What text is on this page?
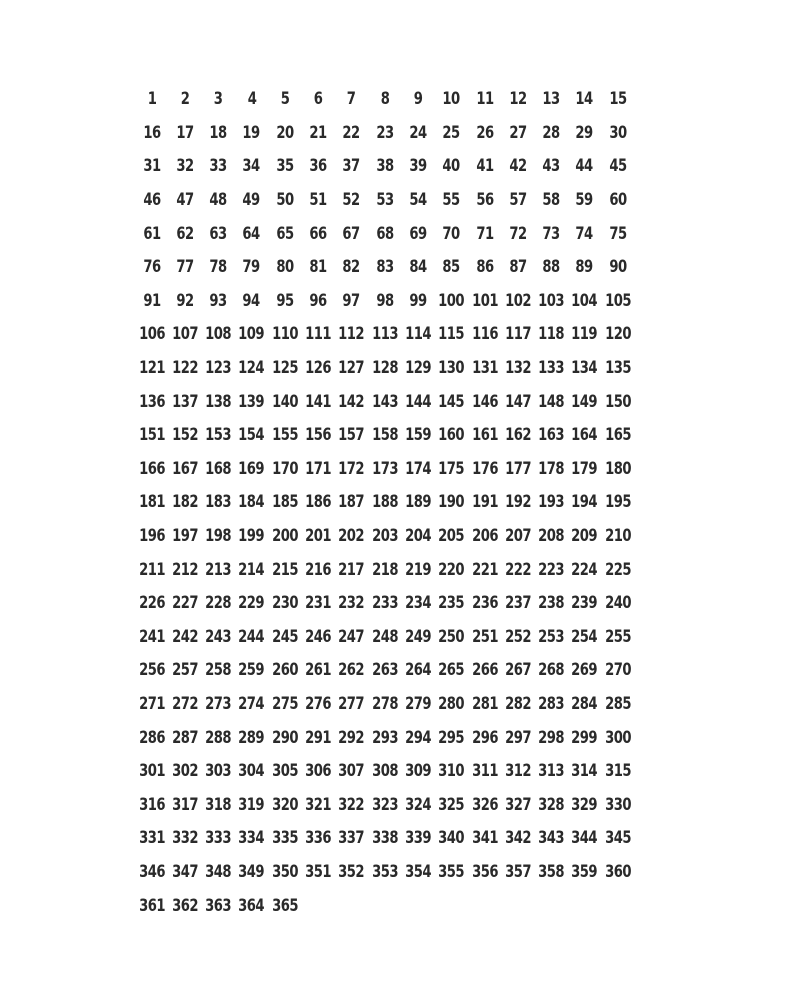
1 2 3 4 5 6 7 8 9 10 11 12 13 14 15
16 17 18 19 20 21 22 23 24 25 26 27 28 29 30
31 32 33 34 35 36 37 38 39 40 41 42 43 44 45
46 47 48 49 50 51 52 53 54 55 56 57 58 59 60
61 62 63 64 65 66 67 68 69 70 71 72 73 74 75
76 77 78 79 80 81 82 83 84 85 86 87 88 89 90
91 92 93 94 95 96 97 98 99 100 101 102 103 104 105
106 107 108 109 110 111 112 113 114 115 116 117 118 119 120
121 122 123 124 125 126 127 128 129 130 131 132 133 134 135
136 137 138 139 140 141 142 143 144 145 146 147 148 149 150
151 152 153 154 155 156 157 158 159 160 161 162 163 164 165
166 167 168 169 170 171 172 173 174 175 176 177 178 179 180
181 182 183 184 185 186 187 188 189 190 191 192 193 194 195
196 197 198 199 200 201 202 203 204 205 206 207 208 209 210
211 212 213 214 215 216 217 218 219 220 221 222 223 224 225
226 227 228 229 230 231 232 233 234 235 236 237 238 239 240
241 242 243 244 245 246 247 248 249 250 251 252 253 254 255
256 257 258 259 260 261 262 263 264 265 266 267 268 269 270
271 272 273 274 275 276 277 278 279 280 281 282 283 284 285
286 287 288 289 290 291 292 293 294 295 296 297 298 299 300
301 302 303 304 305 306 307 308 309 310 311 312 313 314 315
316 317 318 319 320 321 322 323 324 325 326 327 328 329 330
331 332 333 334 335 336 337 338 339 340 341 342 343 344 345
346 347 348 349 350 351 352 353 354 355 356 357 358 359 360
361 362 363 364 365
